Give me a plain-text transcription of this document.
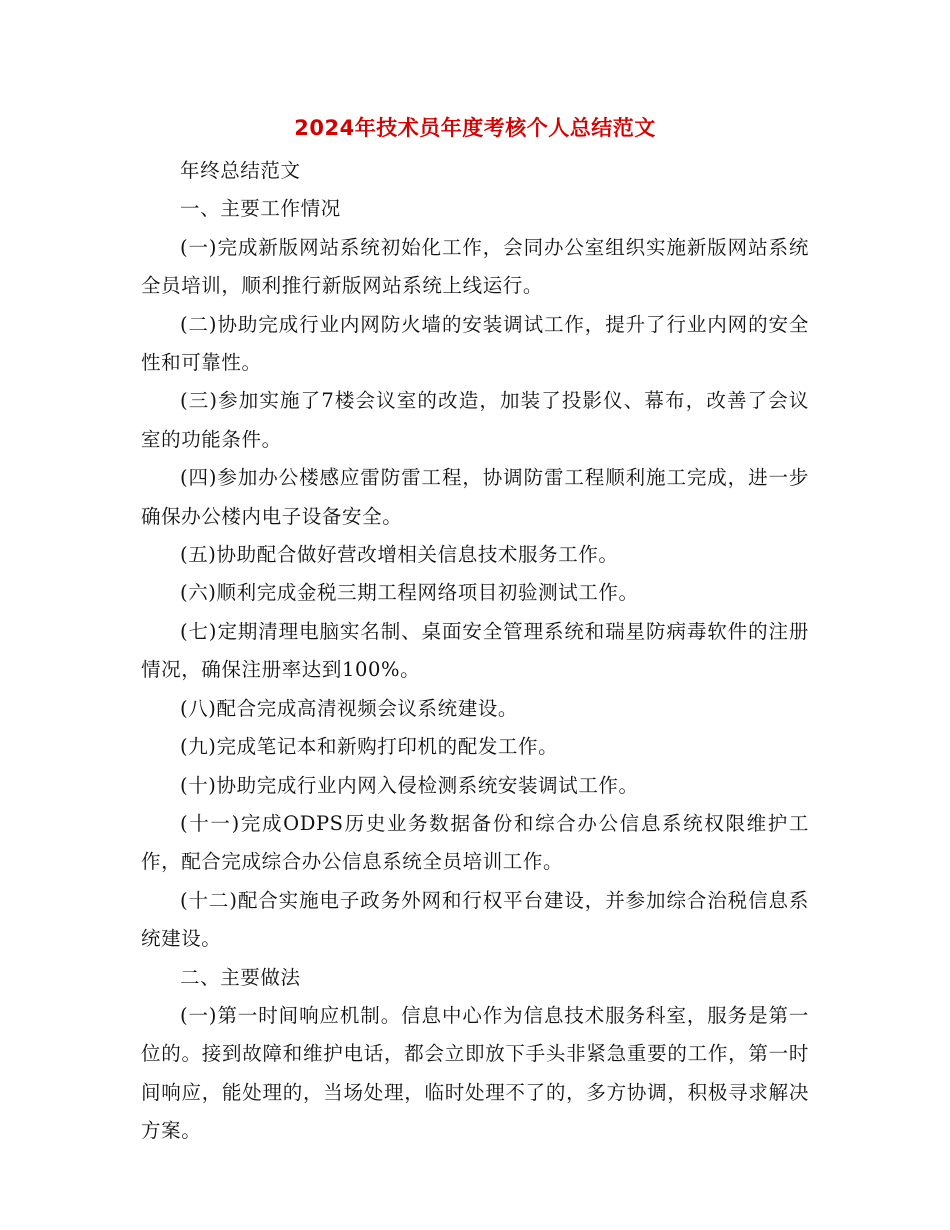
2024年技术员年度考核个人总结范文

年终总结范文

一、主要工作情况

(一)完成新版网站系统初始化工作，会同办公室组织实施新版网站系统全员培训，顺利推行新版网站系统上线运行。

(二)协助完成行业内网防火墙的安装调试工作，提升了行业内网的安全性和可靠性。

(三)参加实施了7楼会议室的改造，加装了投影仪、幕布，改善了会议室的功能条件。

(四)参加办公楼感应雷防雷工程，协调防雷工程顺利施工完成，进一步确保办公楼内电子设备安全。

(五)协助配合做好营改增相关信息技术服务工作。

(六)顺利完成金税三期工程网络项目初验测试工作。

(七)定期清理电脑实名制、桌面安全管理系统和瑞星防病毒软件的注册情况，确保注册率达到100%。

(八)配合完成高清视频会议系统建设。

(九)完成笔记本和新购打印机的配发工作。

(十)协助完成行业内网入侵检测系统安装调试工作。

(十一)完成ODPS历史业务数据备份和综合办公信息系统权限维护工作，配合完成综合办公信息系统全员培训工作。

(十二)配合实施电子政务外网和行权平台建设，并参加综合治税信息系统建设。

二、主要做法

(一)第一时间响应机制。信息中心作为信息技术服务科室，服务是第一位的。接到故障和维护电话，都会立即放下手头非紧急重要的工作，第一时间响应，能处理的，当场处理，临时处理不了的，多方协调，积极寻求解决方案。
